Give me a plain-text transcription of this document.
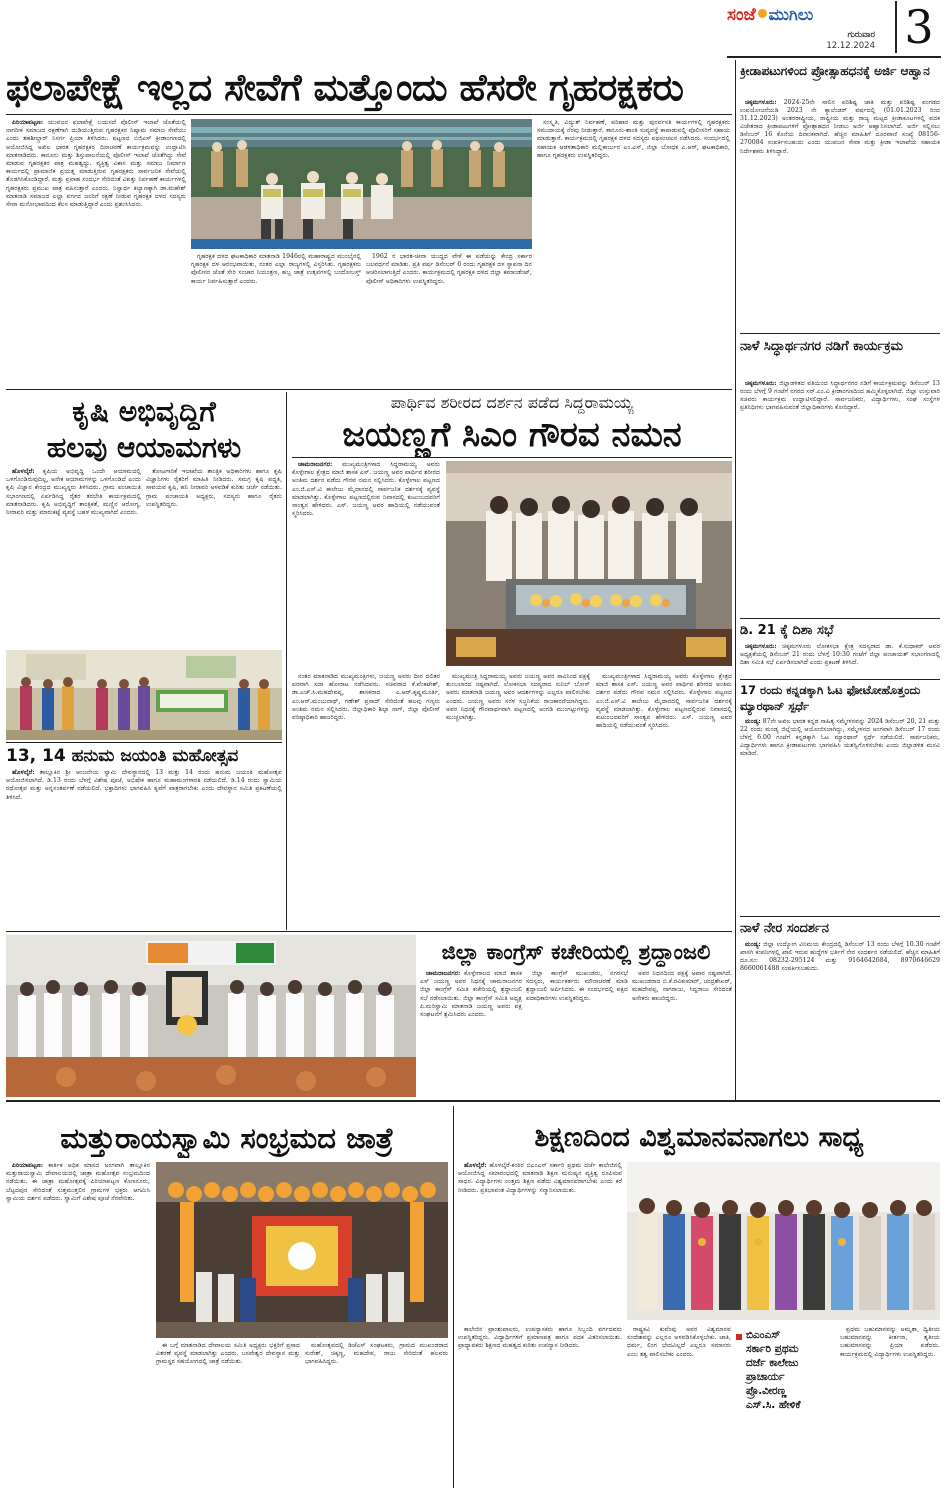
ಸಂಜೆ ಮುಗಿಲು
ಗುರುವಾರ
12.12.2024 3
ಫಲಾಪೇಕ್ಷೆ ಇಲ್ಲದ ಸೇವೆಗೆ ಮತ್ತೊಂದು ಹೆಸರೇ ಗೃಹರಕ್ಷಕರು

ಪಿರಿಯಾಪಟ್ಟಣ: ಯುವಜನ ಫಲಾಪೇಕ್ಷೆ ಬಯಸದೆ ಪೊಲೀಸ್ ಇಲಾಖೆ ಜೊತೆಯಲ್ಲಿ ನಾಗರೀಕ ಸಮಾಜದ ರಕ್ಷಣೆಗಾಗಿ ದುಡಿಯುತ್ತಿರುವ ಗೃಹರಕ್ಷಕರ ನಿಷ್ಕಾಮ ಸಮಾಜ ಸೇವೆಯು ಎಂದು ತಹಶೀಲ್ದಾರ್ ನಿಸರ್ಗ ಪ್ರಿಯಾ ತಿಳಿಸಿದರು. ಪಟ್ಟಣದ ಬಿಜಿಎಸ್ ಕ್ರೀಡಾಂಗಣದಲ್ಲಿ ಆಯೋಜಿಸಿದ್ದ ಅಖಿಲ ಭಾರತ ಗೃಹರಕ್ಷಕರ ದಿನಾಚರಣೆ ಕಾರ್ಯಕ್ರಮವನ್ನು ಉದ್ಘಾಟಿಸಿ ಮಾತನಾಡಿದರು. ಕಾನೂನು ಮತ್ತು ಶಿಸ್ತುಪಾಲನೆಯಲ್ಲಿ ಪೊಲೀಸ್ ಇಲಾಖೆ ಜೊತೆಗಿದ್ದು ಸೇವೆ ಮಾಡುವ ಗೃಹರಕ್ಷಕರ ಪಾತ್ರ ಮಹತ್ವದ್ದು. ವ್ಯಕ್ತಿತ್ವ ವಿಕಾಸ ಮತ್ತು ಸಮಾಜ ನಿರ್ಮಾಣ ಕಾರ್ಯದಲ್ಲಿ ಪ್ರಾಮಾಣಿಕ ಪ್ರಯತ್ನ ಮಾಡುತ್ತಿರುವ ಗೃಹರಕ್ಷಕರು ಸಾರ್ವಜನಿಕ ಸೇವೆಯಲ್ಲಿ ತೊಡಗಿಸಿಕೊಂಡಿದ್ದಾರೆ. ಮತ್ತು ಪ್ರವಾಹ ಸಂದರ್ಭ ಸೇರಿದಂತೆ ವಿಪತ್ತು ನಿರ್ವಹಣೆ ಕಾರ್ಯಗಳಲ್ಲಿ ಗೃಹರಕ್ಷಕರು ಪ್ರಮುಖ ಪಾತ್ರ ವಹಿಸುತ್ತಾರೆ ಎಂದರು. ನಿಸ್ವಾರ್ಥ ಕಲ್ಯಾಣಕ್ಕಾಗಿ ಡಾ.ಮಹೇಶ್ ಮಾತನಾಡಿ ಸಮಾಜದ ಎಲ್ಲಾ ವರ್ಗದ ಜನರಿಗೆ ರಕ್ಷಣೆ ನೀಡುವ ಗೃಹರಕ್ಷಕ ದಳದ ಸದಸ್ಯರು ಸೇವಾ ಮನೋಭಾವದಿಂದ ಕೆಲಸ ಮಾಡುತ್ತಿದ್ದಾರೆ ಎಂದು ಪ್ರಶಂಸಿಸಿದರು.

ಗೃಹರಕ್ಷಕ ದಳದ ಘಟಕಾಧಿಕಾರಿ ಮಾತನಾಡಿ 1946ರಲ್ಲಿ ಮಹಾರಾಷ್ಟ್ರದ ಮುಂಬೈನಲ್ಲಿ ಗೃಹರಕ್ಷಕ ದಳ ಆರಂಭವಾಯಿತು, ನಂತರ ಎಲ್ಲಾ ರಾಜ್ಯಗಳಲ್ಲಿ ವಿಸ್ತರಿಸಿತು. ಗೃಹರಕ್ಷಕರು ಪೊಲೀಸರ ಜೊತೆ ಸೇರಿ ಸಂಚಾರ ನಿಯಂತ್ರಣ, ಹಬ್ಬ ಜಾತ್ರೆ ಉತ್ಸವಗಳಲ್ಲಿ ಬಂದೋಬಸ್ತ್ ಕಾರ್ಯ ನಿರ್ವಹಿಸುತ್ತಾರೆ ಎಂದರು.

1962 ರ ಭಾರತ-ಚೀನಾ ಯುದ್ಧದ ವೇಳೆ ಈ ಪಡೆಯನ್ನು ಕೇಂದ್ರ ಸರ್ಕಾರ ಬಲವರ್ಧನೆ ಮಾಡಿತು. ಪ್ರತಿ ವರ್ಷ ಡಿಸೆಂಬರ್ 6 ರಂದು ಗೃಹರಕ್ಷಕ ದಳ ಸ್ಥಾಪನಾ ದಿನ ಆಚರಿಸಲಾಗುತ್ತಿದೆ ಎಂದರು. ಕಾರ್ಯಕ್ರಮದಲ್ಲಿ ಗೃಹರಕ್ಷಕ ದಳದ ಜಿಲ್ಲಾ ಕಮಾಂಡೆಂಟ್, ಪೊಲೀಸ್ ಅಧಿಕಾರಿಗಳು ಉಪಸ್ಥಿತರಿದ್ದರು.

ಸಂಸ್ಕೃತಿ, ವಿದ್ಯುತ್ ನಿರ್ವಹಣೆ, ಪರಿಹಾರ ಮತ್ತು ಪುನರ್ವಸತಿ ಕಾರ್ಯಗಳಲ್ಲಿ ಗೃಹರಕ್ಷಕರು ಸಮುದಾಯಕ್ಕೆ ನೆರವು ನೀಡುತ್ತಾರೆ. ಕಾನೂನು-ಶಾಂತಿ ಸುವ್ಯವಸ್ಥೆ ಕಾಪಾಡುವಲ್ಲಿ ಪೊಲೀಸರಿಗೆ ಸಹಾಯ ಮಾಡುತ್ತಾರೆ. ಕಾರ್ಯಕ್ರಮದಲ್ಲಿ ಗೃಹರಕ್ಷಕ ದಳದ ಸದಸ್ಯರು ಪಥಸಂಚಲನ ನಡೆಸಿದರು. ಸಂದರ್ಭದಲ್ಲಿ ಸಹಾಯಕ ಆಡಳಿತಾಧಿಕಾರಿ ಮಲ್ಲಿಕಾರ್ಜುನ ಎಂ.ಎಸ್, ಜಿಲ್ಲಾ ಬೋಧಕ ಎ.ಆರ್, ಘಟಕಾಧಿಕಾರಿ, ಹಾಗೂ ಗೃಹರಕ್ಷಕರು ಉಪಸ್ಥಿತರಿದ್ದರು.

ಕ್ರೀಡಾಪಟುಗಳಿಂದ ಪ್ರೋತ್ಸಾಹಧನಕ್ಕೆ ಅರ್ಜಿ ಆಹ್ವಾನ

ಚಿಕ್ಕಮಗಳೂರು: 2024-25ನೇ ಸಾಲಿನ ಪರಿಶಿಷ್ಟ ಜಾತಿ ಮತ್ತು ಪರಿಶಿಷ್ಟ ಪಂಗಡದ ಉಪಯೋಜನೆಯಡಿ 2023 ನೇ ಕ್ಯಾಲೆಂಡರ್ ವರ್ಷದಲ್ಲಿ (01.01.2023 ರಿಂದ 31.12.2023) ಅಂತರರಾಷ್ಟ್ರೀಯ, ರಾಷ್ಟ್ರೀಯ ಮತ್ತು ರಾಜ್ಯ ಮಟ್ಟದ ಕ್ರೀಡಾಕೂಟಗಳಲ್ಲಿ ಪದಕ ವಿಜೇತರಾದ ಕ್ರೀಡಾಪಟುಗಳಿಗೆ ಪ್ರೋತ್ಸಾಹಧನ ನೀಡಲು ಅರ್ಜಿ ಆಹ್ವಾನಿಸಲಾಗಿದೆ. ಅರ್ಜಿ ಸಲ್ಲಿಸಲು ಡಿಸೆಂಬರ್ 16 ಕೊನೆಯ ದಿನಾಂಕವಾಗಿದೆ. ಹೆಚ್ಚಿನ ಮಾಹಿತಿಗೆ ದೂರವಾಣಿ ಸಂಖ್ಯೆ 08156-270084 ಸಂಪರ್ಕಿಸಬಹುದು ಎಂದು ಯುವಜನ ಸೇವಾ ಮತ್ತು ಕ್ರೀಡಾ ಇಲಾಖೆಯ ಸಹಾಯಕ ನಿರ್ದೇಶಕರು ತಿಳಿಸಿದ್ದಾರೆ.

ನಾಳೆ ಸಿದ್ಧಾರ್ಥನಗರ ನಡಿಗೆ ಕಾರ್ಯಕ್ರಮ

ಚಿಕ್ಕಮಗಳೂರು: ಜಿಲ್ಲಾಡಳಿತದ ವತಿಯಿಂದ ಸಿದ್ಧಾರ್ಥನಗರ ನಡಿಗೆ ಕಾರ್ಯಕ್ರಮವನ್ನು ಡಿಸೆಂಬರ್ 13 ರಂದು ಬೆಳಗ್ಗೆ 9 ಗಂಟೆಗೆ ನಗರದ ಸರ್.ಎಂ.ವಿ ಕ್ರೀಡಾಂಗಣದಿಂದ ಹಮ್ಮಿಕೊಳ್ಳಲಾಗಿದೆ. ಜಿಲ್ಲಾ ಉಸ್ತುವಾರಿ ಸಚಿವರು ಕಾರ್ಯಕ್ರಮ ಉದ್ಘಾಟಿಸಲಿದ್ದಾರೆ. ಸಾರ್ವಜನಿಕರು, ವಿದ್ಯಾರ್ಥಿಗಳು, ಸಂಘ ಸಂಸ್ಥೆಗಳ ಪ್ರತಿನಿಧಿಗಳು ಭಾಗವಹಿಸುವಂತೆ ಜಿಲ್ಲಾಧಿಕಾರಿಗಳು ಕೋರಿದ್ದಾರೆ.

ಡಿ. 21 ಕ್ಕೆ ದಿಶಾ ಸಭೆ

ಚಿಕ್ಕಮಗಳೂರು: ಚಿಕ್ಕಮಗಳೂರು ಲೋಕಸಭಾ ಕ್ಷೇತ್ರ ಸದಸ್ಯರಾದ ಡಾ. ಕೆ.ಸುಧಾಕರ್ ಅವರ ಅಧ್ಯಕ್ಷತೆಯಲ್ಲಿ ಡಿಸೆಂಬರ್ 21 ರಂದು ಬೆಳಗ್ಗೆ 10:30 ಗಂಟೆಗೆ ಜಿಲ್ಲಾ ಪಂಚಾಯತ್ ಸಭಾಂಗಣದಲ್ಲಿ ದಿಶಾ ಸಮಿತಿ ಸಭೆ ಏರ್ಪಡಿಸಲಾಗಿದೆ ಎಂದು ಪ್ರಕಟಣೆ ತಿಳಿಸಿದೆ.

17 ರಂದು ಕನ್ನಡಕ್ಕಾಗಿ ಓಟ ಫೋಟೋಹೊತ್ತಂದು ಮ್ಯಾರಥಾನ್ ಸ್ಪರ್ಧೆ

ಮಂಡ್ಯ: 87ನೇ ಅಖಿಲ ಭಾರತ ಕನ್ನಡ ಸಾಹಿತ್ಯ ಸಮ್ಮೇಳನವನ್ನು 2024 ಡಿಸೆಂಬರ್ 20, 21 ಮತ್ತು 22 ರಂದು ಮಂಡ್ಯ ಜಿಲ್ಲೆಯಲ್ಲಿ ಆಯೋಜಿಸಲಾಗಿದ್ದು, ಸಮ್ಮೇಳನದ ಅಂಗವಾಗಿ ಡಿಸೆಂಬರ್ 17 ರಂದು ಬೆಳಗ್ಗೆ 6.00 ಗಂಟೆಗೆ ಕನ್ನಡಕ್ಕಾಗಿ ಓಟ ಮ್ಯಾರಥಾನ್ ಸ್ಪರ್ಧೆ ನಡೆಯಲಿದೆ. ಸಾರ್ವಜನಿಕರು, ವಿದ್ಯಾರ್ಥಿಗಳು ಹಾಗೂ ಕ್ರೀಡಾಪಟುಗಳು ಭಾಗವಹಿಸಿ ಯಶಸ್ವಿಗೊಳಿಸಬೇಕು ಎಂದು ಜಿಲ್ಲಾಡಳಿತ ಮನವಿ ಮಾಡಿದೆ.

ನಾಳೆ ನೇರ ಸಂದರ್ಶನ

ಮಂಡ್ಯ: ಜಿಲ್ಲಾ ಉದ್ಯೋಗ ವಿನಿಮಯ ಕೇಂದ್ರದಲ್ಲಿ ಡಿಸೆಂಬರ್ 13 ರಂದು ಬೆಳಗ್ಗೆ 10.30 ಗಂಟೆಗೆ ಖಾಸಗಿ ಕಂಪನಿಗಳಲ್ಲಿ ಖಾಲಿ ಇರುವ ಹುದ್ದೆಗಳ ಭರ್ತಿಗೆ ನೇರ ಸಂದರ್ಶನ ನಡೆಯಲಿದೆ. ಹೆಚ್ಚಿನ ಮಾಹಿತಿಗೆ ದೂ.ಸಂ: 08232-295124 ಮತ್ತು 9164642684, 8970646629 8660061488 ಸಂಪರ್ಕಿಸಬಹುದು.

ಕೃಷಿ ಅಭಿವೃದ್ಧಿಗೆ
ಹಲವು ಆಯಾಮಗಳು

ಹೊಳಲ್ಕೆರೆ: ಕೃಷಿಯ ಅಭಿವೃದ್ಧಿ ಒಂದೇ ಆಯಾಮದಲ್ಲಿ ಒಳಗೊಂಡಿರುವುದಿಲ್ಲ, ಅನೇಕ ಆಯಾಮಗಳನ್ನು ಒಳಗೊಂಡಿದೆ ಎಂದು ಕೃಷಿ ವಿಜ್ಞಾನ ಕೇಂದ್ರದ ಮುಖ್ಯಸ್ಥರು ತಿಳಿಸಿದರು. ಗ್ರಾಮ ಪಂಚಾಯಿತಿ ಸಭಾಂಗಣದಲ್ಲಿ ಏರ್ಪಡಿಸಿದ್ದ ರೈತರ ತರಬೇತಿ ಕಾರ್ಯಕ್ರಮದಲ್ಲಿ ಮಾತನಾಡಿದರು. ಕೃಷಿ ಅಭಿವೃದ್ಧಿಗೆ ತಾಂತ್ರಿಕತೆ, ಮಣ್ಣಿನ ಆರೋಗ್ಯ, ನೀರಾವರಿ ಮತ್ತು ಮಾರುಕಟ್ಟೆ ವ್ಯವಸ್ಥೆ ಬಹಳ ಮುಖ್ಯವಾಗಿದೆ ಎಂದರು.

ತೋಟಗಾರಿಕೆ ಇಲಾಖೆಯ ತಾಂತ್ರಿಕ ಅಧಿಕಾರಿಗಳು ಹಾಗೂ ಕೃಷಿ ವಿಜ್ಞಾನಿಗಳು ರೈತರಿಗೆ ಮಾಹಿತಿ ನೀಡಿದರು. ಸಮಗ್ರ ಕೃಷಿ ಪದ್ಧತಿ, ಸಾವಯವ ಕೃಷಿ, ಹನಿ ನೀರಾವರಿ ಅಳವಡಿಕೆ ಕುರಿತು ಚರ್ಚೆ ನಡೆಯಿತು. ಗ್ರಾಮ ಪಂಚಾಯತಿ ಅಧ್ಯಕ್ಷರು, ಸದಸ್ಯರು ಹಾಗೂ ರೈತರು ಉಪಸ್ಥಿತರಿದ್ದರು.

13, 14 ಹನುಮ ಜಯಂತಿ ಮಹೋತ್ಸವ

ಹೊಳಲ್ಕೆರೆ: ತಾಲ್ಲೂಕಿನ ಶ್ರೀ ಆಂಜನೇಯ ಸ್ವಾಮಿ ದೇವಸ್ಥಾನದಲ್ಲಿ 13 ಮತ್ತು 14 ರಂದು ಹನುಮ ಜಯಂತಿ ಮಹೋತ್ಸವ ಆಯೋಜಿಸಲಾಗಿದೆ. ಡಿ.13 ರಂದು ಬೆಳಗ್ಗೆ ವಿಶೇಷ ಪೂಜೆ, ಅಭಿಷೇಕ ಹಾಗೂ ಮಹಾಮಂಗಳಾರತಿ ನಡೆಯಲಿದೆ. ಡಿ.14 ರಂದು ಸ್ವಾಮಿಯ ರಥೋತ್ಸವ ಮತ್ತು ಅನ್ನಸಂತರ್ಪಣೆ ನಡೆಯಲಿದೆ. ಭಕ್ತಾದಿಗಳು ಭಾಗವಹಿಸಿ ಕೃಪೆಗೆ ಪಾತ್ರರಾಗಬೇಕು ಎಂದು ದೇವಸ್ಥಾನ ಸಮಿತಿ ಪ್ರಕಟಣೆಯಲ್ಲಿ ತಿಳಿಸಿದೆ.

ಪಾರ್ಥಿವ ಶರೀರದ ದರ್ಶನ ಪಡೆದ ಸಿದ್ದರಾಮಯ್ಯ
ಜಯಣ್ಣಗೆ ಸಿಎಂ ಗೌರವ ನಮನ

ಚಾಮರಾಜನಗರ: ಮುಖ್ಯಮಂತ್ರಿಗಳಾದ ಸಿದ್ದರಾಮಯ್ಯ ಅವರು ಕೊಳ್ಳೇಗಾಲ ಕ್ಷೇತ್ರದ ಮಾಜಿ ಶಾಸಕ ಎಸ್. ಜಯಣ್ಣ ಅವರ ಪಾರ್ಥಿವ ಶರೀರದ ಅಂತಿಮ ದರ್ಶನ ಪಡೆದು ಗೌರವ ನಮನ ಸಲ್ಲಿಸಿದರು. ಕೊಳ್ಳೇಗಾಲ ಪಟ್ಟಣದ ಎಂ.ಜಿ.ಎಸ್.ವಿ ಕಾಲೇಜು ಮೈದಾನದಲ್ಲಿ ಸಾರ್ವಜನಿಕ ದರ್ಶನಕ್ಕೆ ವ್ಯವಸ್ಥೆ ಮಾಡಲಾಗಿತ್ತು. ಕೊಳ್ಳೇಗಾಲ ಪಟ್ಟಣದಲ್ಲಿರುವ ನಿವಾಸದಲ್ಲಿ ಕುಟುಂಬದವರಿಗೆ ಸಾಂತ್ವನ ಹೇಳಿದರು. ಎಸ್. ಜಯಣ್ಣ ಅವರ ಹಾದಿಯಲ್ಲಿ ನಡೆಯುವಂತೆ ಸ್ಮರಿಸಿದರು.

ನಂತರ ಮಾತನಾಡಿದ ಮುಖ್ಯಮಂತ್ರಿಗಳು, ಜಯಣ್ಣ ಅವರು ದೀನ ದಲಿತರ ಪರವಾಗಿ ಸದಾ ಹೋರಾಟ ನಡೆಸಿದವರು. ಸಚಿವರಾದ ಕೆ.ವೆಂಕಟೇಶ್, ಡಾ.ಎಚ್.ಸಿ.ಮಹದೇವಪ್ಪ, ಶಾಸಕರಾದ ಎ.ಆರ್.ಕೃಷ್ಣಮೂರ್ತಿ, ಎಂ.ಆರ್.ಮಂಜುನಾಥ್, ಗಣೇಶ್ ಪ್ರಸಾದ್ ಸೇರಿದಂತೆ ಹಲವು ಗಣ್ಯರು ಅಂತಿಮ ನಮನ ಸಲ್ಲಿಸಿದರು. ಜಿಲ್ಲಾಧಿಕಾರಿ ಶಿಲ್ಪಾ ನಾಗ್, ಜಿಲ್ಲಾ ಪೊಲೀಸ್ ವರಿಷ್ಠಾಧಿಕಾರಿ ಹಾಜರಿದ್ದರು.

ಮುಖ್ಯಮಂತ್ರಿ ಸಿದ್ದರಾಮಯ್ಯ ಅವರು ಜಯಣ್ಣ ಅವರ ಸಾವಿನಿಂದ ಪಕ್ಷಕ್ಕೆ ತುಂಬಲಾರದ ನಷ್ಟವಾಗಿದೆ. ಲೋಕಸಭಾ ಸದಸ್ಯರಾದ ಸುನಿಲ್ ಬೋಸ್ ಅವರು ಮಾತನಾಡಿ ಜಯಣ್ಣ ಅವರ ಆದರ್ಶಗಳನ್ನು ಎಲ್ಲರೂ ಪಾಲಿಸಬೇಕು ಎಂದರು. ಜಯಣ್ಣ ಅವರು ಸರಳ ಸಜ್ಜನಿಕೆಯ ರಾಜಕಾರಣಿಯಾಗಿದ್ದರು. ಅವರ ನಿಧನಕ್ಕೆ ಗೌರವಾರ್ಥವಾಗಿ ಪಟ್ಟಣದಲ್ಲಿ ಅಂಗಡಿ ಮುಂಗಟ್ಟುಗಳನ್ನು ಮುಚ್ಚಲಾಗಿತ್ತು.

ಮುಖ್ಯಮಂತ್ರಿಗಳಾದ ಸಿದ್ದರಾಮಯ್ಯ ಅವರು ಕೊಳ್ಳೇಗಾಲ ಕ್ಷೇತ್ರದ ಮಾಜಿ ಶಾಸಕ ಎಸ್. ಜಯಣ್ಣ ಅವರ ಪಾರ್ಥಿವ ಶರೀರದ ಅಂತಿಮ ದರ್ಶನ ಪಡೆದು ಗೌರವ ನಮನ ಸಲ್ಲಿಸಿದರು. ಕೊಳ್ಳೇಗಾಲ ಪಟ್ಟಣದ ಎಂ.ಜಿ.ಎಸ್.ವಿ ಕಾಲೇಜು ಮೈದಾನದಲ್ಲಿ ಸಾರ್ವಜನಿಕ ದರ್ಶನಕ್ಕೆ ವ್ಯವಸ್ಥೆ ಮಾಡಲಾಗಿತ್ತು. ಕೊಳ್ಳೇಗಾಲ ಪಟ್ಟಣದಲ್ಲಿರುವ ನಿವಾಸದಲ್ಲಿ ಕುಟುಂಬದವರಿಗೆ ಸಾಂತ್ವನ ಹೇಳಿದರು. ಎಸ್. ಜಯಣ್ಣ ಅವರ ಹಾದಿಯಲ್ಲಿ ನಡೆಯುವಂತೆ ಸ್ಮರಿಸಿದರು.

ಜಿಲ್ಲಾ ಕಾಂಗ್ರೆಸ್ ಕಚೇರಿಯಲ್ಲಿ ಶ್ರದ್ಧಾಂಜಲಿ

ಚಾಮರಾಜನಗರ: ಕೊಳ್ಳೇಗಾಲದ ಮಾಜಿ ಶಾಸಕ ಎಸ್ ಜಯಣ್ಣ ಅವರ ನಿಧನಕ್ಕೆ ಚಾಮರಾಜನಗರ ಜಿಲ್ಲಾ ಕಾಂಗ್ರೆಸ್ ಸಮಿತಿ ಕಚೇರಿಯಲ್ಲಿ ಶ್ರದ್ಧಾಂಜಲಿ ಸಭೆ ನಡೆಸಲಾಯಿತು. ಜಿಲ್ಲಾ ಕಾಂಗ್ರೆಸ್ ಸಮಿತಿ ಅಧ್ಯಕ್ಷ ಪಿ.ಮರಿಸ್ವಾಮಿ ಮಾತನಾಡಿ ಜಯಣ್ಣ ಅವರು ಪಕ್ಷ ಸಂಘಟನೆಗೆ ಶ್ರಮಿಸಿದರು ಎಂದರು.

ಜಿಲ್ಲಾ ಕಾಂಗ್ರೆಸ್ ಮುಖಂಡರು, ನಗರಸಭೆ ಸದಸ್ಯರು, ಕಾರ್ಯಕರ್ತರು ಮೌನಾಚರಣೆ ಮಾಡಿ ಶ್ರದ್ಧಾಂಜಲಿ ಅರ್ಪಿಸಿದರು. ಈ ಸಂದರ್ಭದಲ್ಲಿ ಪಕ್ಷದ ಪದಾಧಿಕಾರಿಗಳು ಉಪಸ್ಥಿತರಿದ್ದರು.

ಅವರ ನಿಧನದಿಂದ ಪಕ್ಷಕ್ಕೆ ಅಪಾರ ನಷ್ಟವಾಗಿದೆ. ಮುಖಂಡರಾದ ಬಿ.ಕೆ.ರವಿಕುಮಾರ್, ಚಂದ್ರಶೇಖರ್, ಮಹದೇವಪ್ಪ, ನಾಗರಾಜು, ಸಿದ್ದರಾಜು ಸೇರಿದಂತೆ ಅನೇಕರು ಹಾಜರಿದ್ದರು.

ಮತ್ತುರಾಯಸ್ವಾಮಿ ಸಂಭ್ರಮದ ಜಾತ್ರೆ

ಪಿರಿಯಾಪಟ್ಟಣ: ಕಾರ್ತಿಕ ಅಧಿಕ ಮಾಸದ ಅಂಗವಾಗಿ ತಾಲ್ಲೂಕಿನ ಮತ್ತುರಾಯಸ್ವಾಮಿ ದೇವಾಲಯದಲ್ಲಿ ಜಾತ್ರಾ ಮಹೋತ್ಸವ ಸಂಭ್ರಮದಿಂದ ನಡೆಯಿತು. ಈ ಜಾತ್ರಾ ಮಹೋತ್ಸವಕ್ಕೆ ಪಿರಿಯಾಪಟ್ಟಣ ಕೊಣನೂರು, ಬೆಟ್ಟದಪುರ ಸೇರಿದಂತೆ ಸುತ್ತಮುತ್ತಲಿನ ಗ್ರಾಮಗಳ ಭಕ್ತರು ಆಗಮಿಸಿ ಸ್ವಾಮಿಯ ದರ್ಶನ ಪಡೆದರು. ಸ್ವಾಮಿಗೆ ವಿಶೇಷ ಪೂಜೆ ನೆರವೇರಿತು.

ಈ ಬಗ್ಗೆ ಮಾತನಾಡಿದ ದೇವಾಲಯ ಸಮಿತಿ ಅಧ್ಯಕ್ಷರು ಭಕ್ತರಿಗೆ ಪ್ರಸಾದ ವಿತರಣೆ ವ್ಯವಸ್ಥೆ ಮಾಡಲಾಗಿತ್ತು ಎಂದರು. ಬಸವೇಶ್ವರ ದೇವಸ್ಥಾನ ಮತ್ತು ಗ್ರಾಮಸ್ಥರ ಸಹಯೋಗದಲ್ಲಿ ಜಾತ್ರೆ ನಡೆಯಿತು.

ಮಹೋತ್ಸವದಲ್ಲಿ ಡಿಜೆಎಸ್ ಸಂಘಟಕರು, ಗ್ರಾಮದ ಮುಖಂಡರಾದ ಸುರೇಶ್, ಚಿಕ್ಕಣ್ಣ, ಮಹದೇವ, ರಾಜು ಸೇರಿದಂತೆ ಹಲವರು ಭಾಗವಹಿಸಿದ್ದರು.

ಶಿಕ್ಷಣದಿಂದ ವಿಶ್ವಮಾನವನಾಗಲು ಸಾಧ್ಯ

ಹೊಳಲ್ಕೆರೆ: ಹೊಳಲ್ಕೆರೆ-ಕಂಠಿರ ಬಿಎಂಎಸ್ ಸರ್ಕಾರಿ ಪ್ರಥಮ ದರ್ಜೆ ಕಾಲೇಜಿನಲ್ಲಿ ಆಯೋಜಿಸಿದ್ದ ಸಮಾರಂಭದಲ್ಲಿ ಮಾತನಾಡಿ ಶಿಕ್ಷಣ ಮನುಷ್ಯನ ವ್ಯಕ್ತಿತ್ವ ರೂಪಿಸುವ ಸಾಧನ. ವಿದ್ಯಾರ್ಥಿಗಳು ಉತ್ತಮ ಶಿಕ್ಷಣ ಪಡೆದು ವಿಶ್ವಮಾನವರಾಗಬೇಕು ಎಂದು ಕರೆ ನೀಡಿದರು. ಪ್ರತಿಭಾವಂತ ವಿದ್ಯಾರ್ಥಿಗಳನ್ನು ಸನ್ಮಾನಿಸಲಾಯಿತು.

ಕಾಲೇಜಿನ ಪ್ರಾಂಶುಪಾಲರು, ಉಪನ್ಯಾಸಕರು ಹಾಗೂ ಸಿಬ್ಬಂದಿ ವರ್ಗದವರು ಉಪಸ್ಥಿತರಿದ್ದರು. ವಿದ್ಯಾರ್ಥಿಗಳಿಗೆ ಪ್ರಮಾಣಪತ್ರ ಹಾಗೂ ಪದಕ ವಿತರಿಸಲಾಯಿತು. ಪ್ರಾಧ್ಯಾಪಕರು ಶಿಕ್ಷಣದ ಮಹತ್ವದ ಕುರಿತು ಉಪನ್ಯಾಸ ನೀಡಿದರು.

ರಾಷ್ಟ್ರಕವಿ ಕುವೆಂಪು ಅವರ ವಿಶ್ವಮಾನವ ಸಂದೇಶವನ್ನು ಎಲ್ಲರೂ ಅಳವಡಿಸಿಕೊಳ್ಳಬೇಕು. ಜಾತಿ, ಧರ್ಮ, ಲಿಂಗ ಭೇದವಿಲ್ಲದೆ ಎಲ್ಲರೂ ಸಮಾನರು ಎಂಬ ತತ್ವ ಪಾಲಿಸಬೇಕು ಎಂದರು.

ಬಿಎಂಎಸ್
ಸರ್ಕಾರಿ ಪ್ರಥಮ
ದರ್ಜೆ ಕಾಲೇಜು
ಪ್ರಾಚಾರ್ಯ
ಪ್ರೊ.ವೀರಣ್ಣ
ಎಸ್.ಸಿ. ಹೇಳಿಕೆ

ಪ್ರಥಮ ಬಹುಮಾನವನ್ನು ಅಮೃತಾ, ದ್ವಿತೀಯ ಬಹುಮಾನವನ್ನು ಕೀರ್ತನಾ, ತೃತೀಯ ಬಹುಮಾನವನ್ನು ಪ್ರಿಯಾ ಪಡೆದರು. ಕಾರ್ಯಕ್ರಮದಲ್ಲಿ ವಿದ್ಯಾರ್ಥಿಗಳು ಉಪಸ್ಥಿತರಿದ್ದರು.
